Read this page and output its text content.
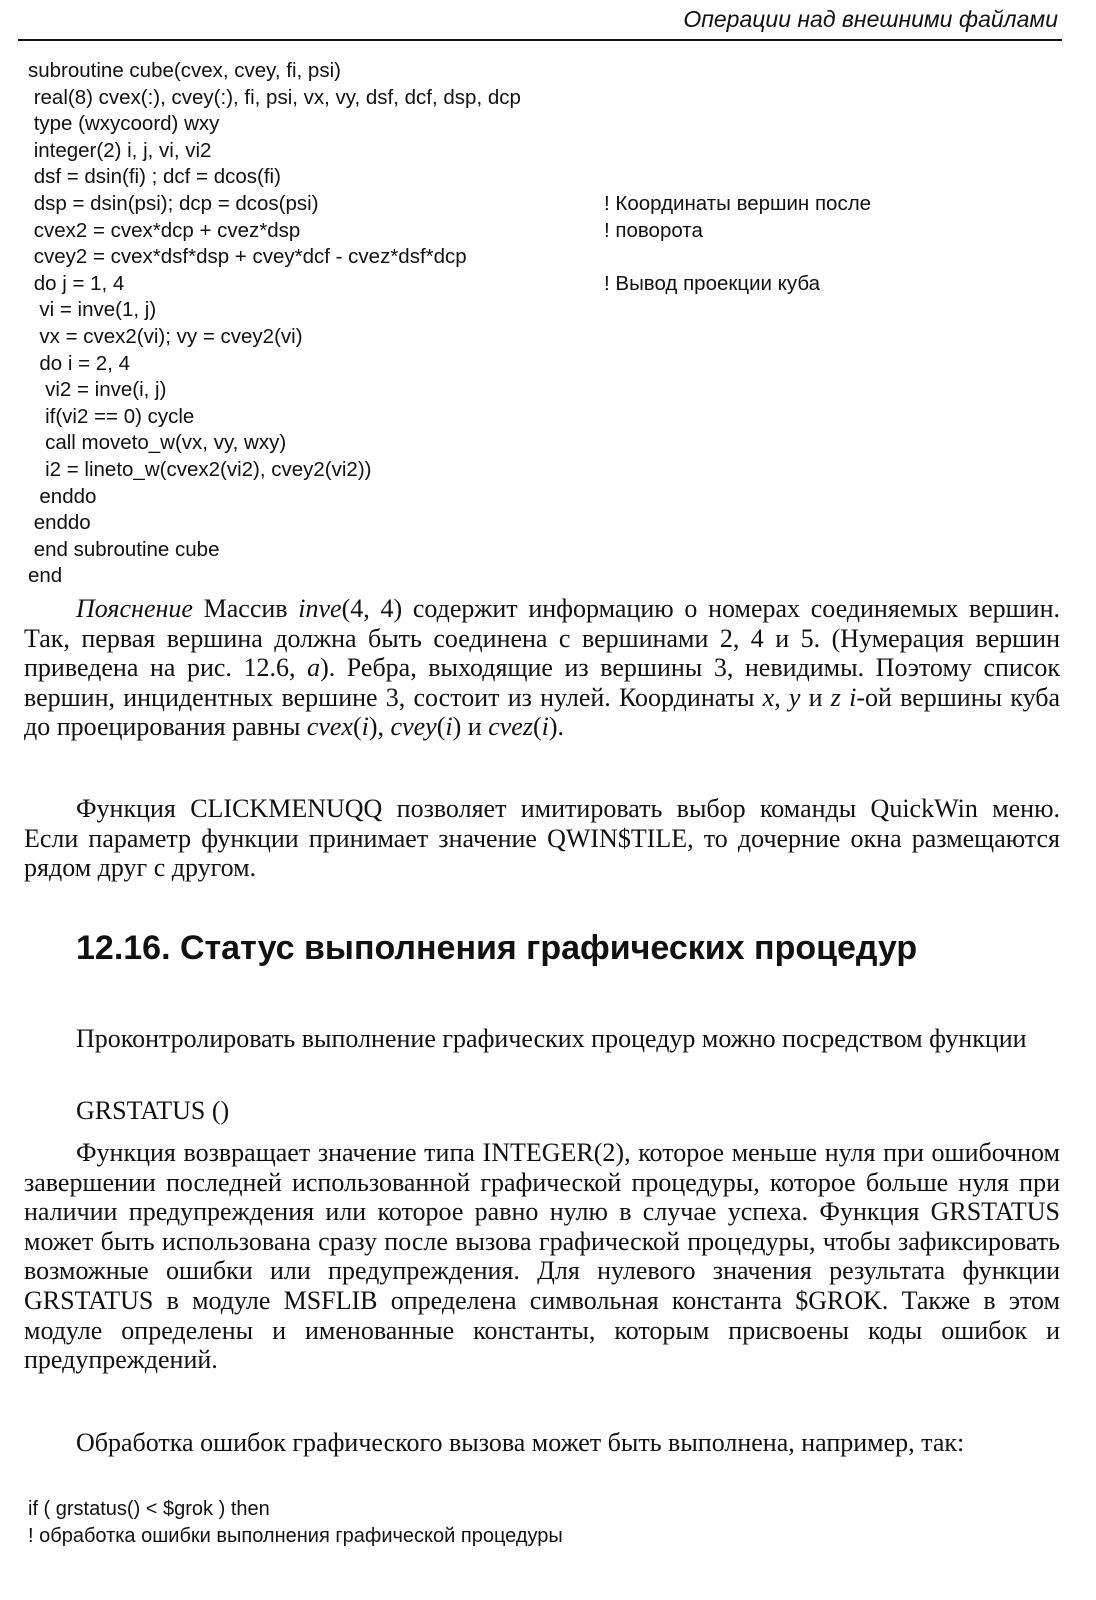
Операции над внешними файлами
subroutine cube(cvex, cvey, fi, psi)
real(8) cvex(:), cvey(:), fi, psi, vx, vy, dsf, dcf, dsp, dcp
type (wxycoord) wxy
integer(2) i, j, vi, vi2
dsf = dsin(fi) ; dcf = dcos(fi)
dsp = dsin(psi); dcp = dcos(psi)	! Координаты вершин после
cvex2 = cvex*dcp + cvez*dsp	! поворота
cvey2 = cvex*dsf*dsp + cvey*dcf - cvez*dsf*dcp
do j = 1, 4	! Вывод проекции куба
vi = inve(1, j)
vx = cvex2(vi); vy = cvey2(vi)
do i = 2, 4
vi2 = inve(i, j)
if(vi2 == 0) cycle
call moveto_w(vx, vy, wxy)
i2 = lineto_w(cvex2(vi2), cvey2(vi2))
enddo
enddo
end subroutine cube
end

Пояснение Массив inve(4, 4) содержит информацию о номерах соединяемых вершин. Так, первая вершина должна быть соединена с вершинами 2, 4 и 5. (Нумерация вершин приведена на рис. 12.6, а). Ребра, выходящие из вершины 3, невидимы. Поэтому список вершин, инцидентных вершине 3, состоит из нулей. Координаты x, y и z i-ой вершины куба до проецирования равны cvex(i), cvey(i) и cvez(i).

Функция CLICKMENUQQ позволяет имитировать выбор команды QuickWin меню. Если параметр функции принимает значение QWIN$TILE, то дочерние окна размещаются рядом друг с другом.

12.16. Статус выполнения графических процедур

Проконтролировать выполнение графических процедур можно посредством функции

GRSTATUS ()

Функция возвращает значение типа INTEGER(2), которое меньше нуля при ошибочном завершении последней использованной графической процедуры, которое больше нуля при наличии предупреждения или которое равно нулю в случае успеха. Функция GRSTATUS может быть использована сразу после вызова графической процедуры, чтобы зафиксировать возможные ошибки или предупреждения. Для нулевого значения результата функции GRSTATUS в модуле MSFLIB определена символьная константа $GROK. Также в этом модуле определены и именованные константы, которым присвоены коды ошибок и предупреждений.

Обработка ошибок графического вызова может быть выполнена, например, так:

if ( grstatus() < $grok ) then
! обработка ошибки выполнения графической процедуры
